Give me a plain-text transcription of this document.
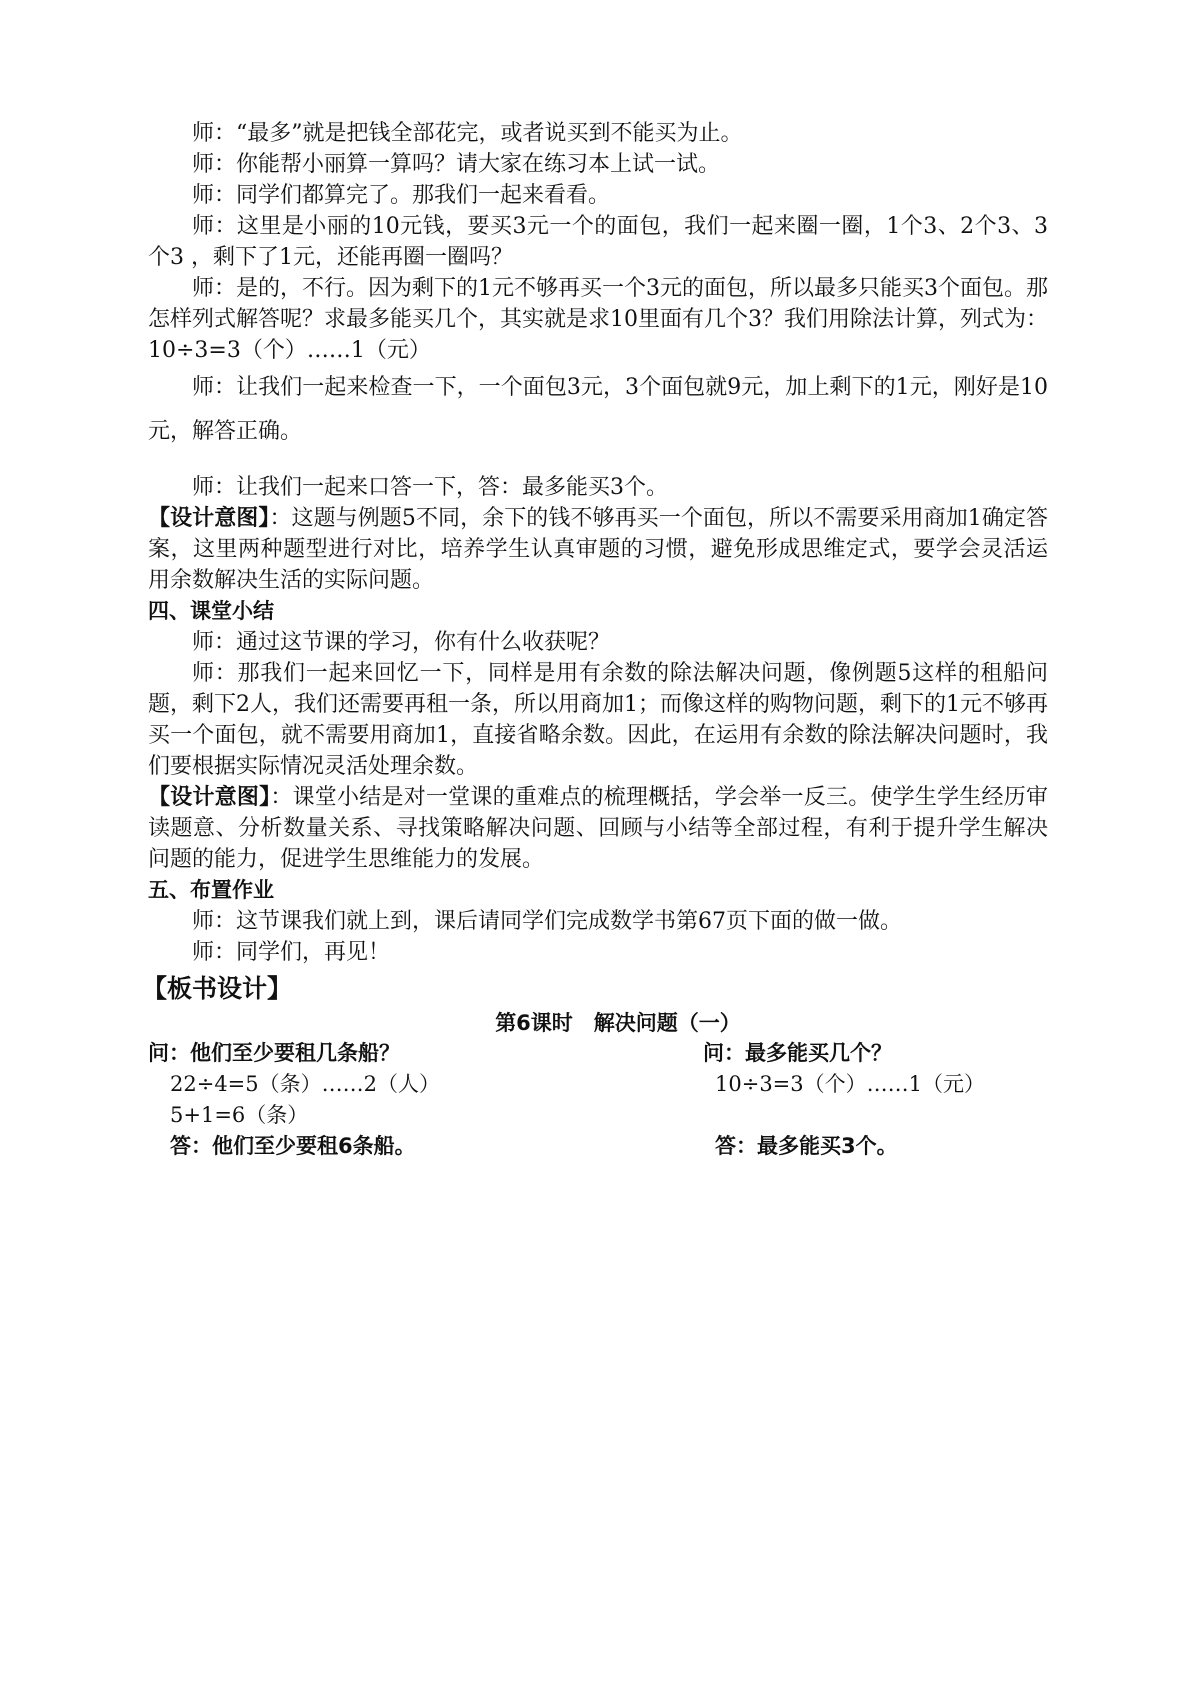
师：“最多”就是把钱全部花完，或者说买到不能买为止。

师：你能帮小丽算一算吗？请大家在练习本上试一试。

师：同学们都算完了。那我们一起来看看。

师：这里是小丽的10元钱，要买3元一个的面包，我们一起来圈一圈，1个3、2个3、3个3 ，剩下了1元，还能再圈一圈吗？

师：是的，不行。因为剩下的1元不够再买一个3元的面包，所以最多只能买3个面包。那怎样列式解答呢？求最多能买几个，其实就是求10里面有几个3？我们用除法计算，列式为：10÷3=3（个）……1（元）

师：让我们一起来检查一下，一个面包3元，3个面包就9元，加上剩下的1元，刚好是10元，解答正确。

师：让我们一起来口答一下，答：最多能买3个。

【设计意图】：这题与例题5不同，余下的钱不够再买一个面包，所以不需要采用商加1确定答案，这里两种题型进行对比，培养学生认真审题的习惯，避免形成思维定式，要学会灵活运用余数解决生活的实际问题。

四、课堂小结

师：通过这节课的学习，你有什么收获呢？

师：那我们一起来回忆一下，同样是用有余数的除法解决问题，像例题5这样的租船问题，剩下2人，我们还需要再租一条，所以用商加1；而像这样的购物问题，剩下的1元不够再买一个面包，就不需要用商加1，直接省略余数。因此，在运用有余数的除法解决问题时，我们要根据实际情况灵活处理余数。

【设计意图】：课堂小结是对一堂课的重难点的梳理概括，学会举一反三。使学生学生经历审读题意、分析数量关系、寻找策略解决问题、回顾与小结等全部过程，有利于提升学生解决问题的能力，促进学生思维能力的发展。

五、布置作业

师：这节课我们就上到，课后请同学们完成数学书第67页下面的做一做。

师：同学们，再见！

【板书设计】

第6课时　解决问题（一）
问：他们至少要租几条船？
22÷4=5（条）……2（人）
5+1=6（条）
答：他们至少要租6条船。
问：最多能买几个？
10÷3=3（个）……1（元）
答：最多能买3个。
